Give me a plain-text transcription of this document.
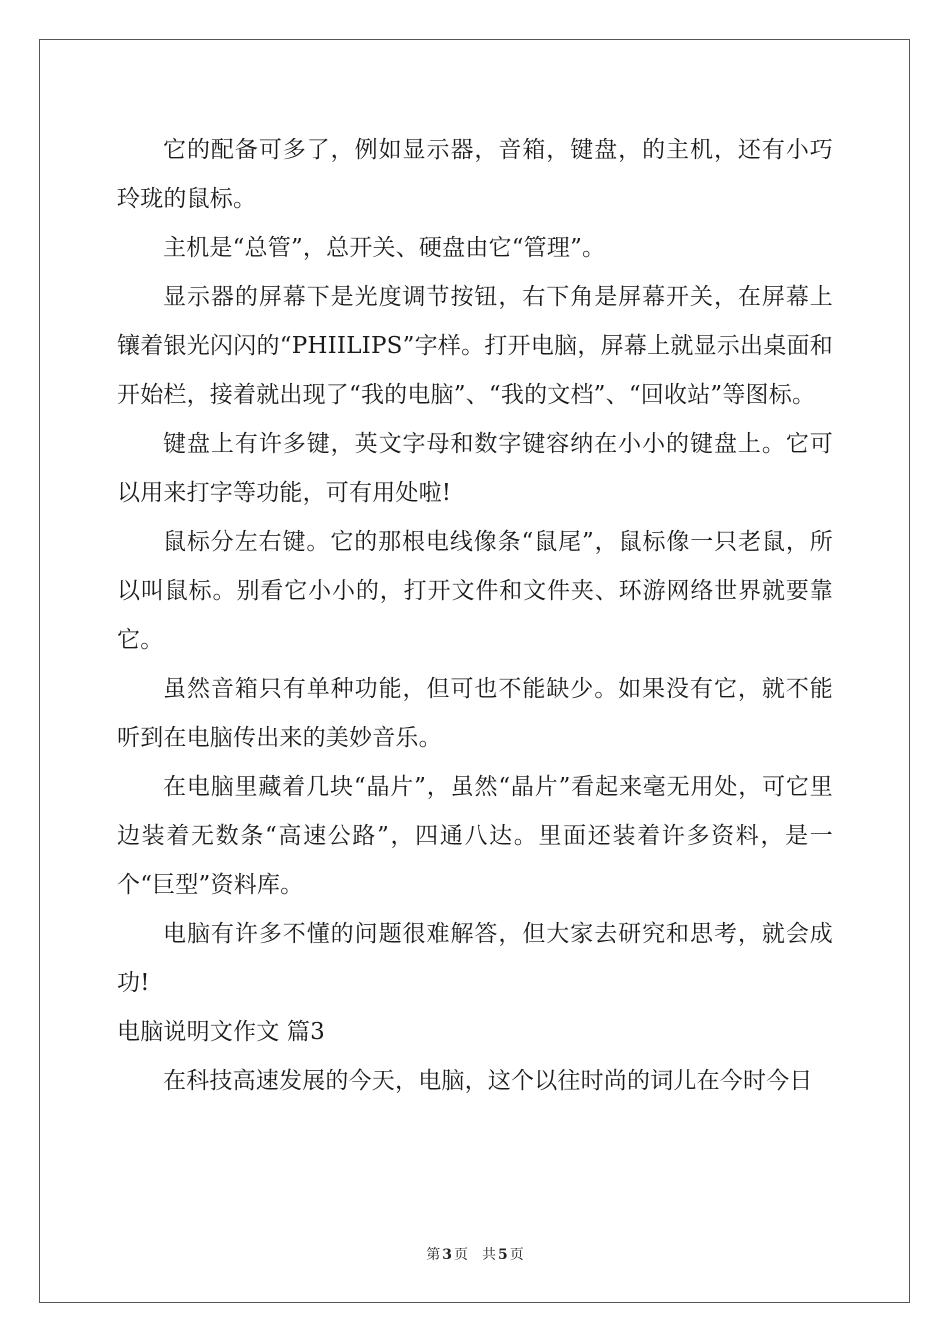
它的配备可多了，例如显示器，音箱，键盘，的主机，还有小巧玲珑的鼠标。

主机是“总管”，总开关、硬盘由它“管理”。

显示器的屏幕下是光度调节按钮，右下角是屏幕开关，在屏幕上镶着银光闪闪的“PHIILIPS”字样。打开电脑，屏幕上就显示出桌面和开始栏，接着就出现了“我的电脑”、“我的文档”、“回收站”等图标。

键盘上有许多键，英文字母和数字键容纳在小小的键盘上。它可以用来打字等功能，可有用处啦!

鼠标分左右键。它的那根电线像条“鼠尾”，鼠标像一只老鼠，所以叫鼠标。别看它小小的，打开文件和文件夹、环游网络世界就要靠它。

虽然音箱只有单种功能，但可也不能缺少。如果没有它，就不能听到在电脑传出来的美妙音乐。

在电脑里藏着几块“晶片”，虽然“晶片”看起来毫无用处，可它里边装着无数条“高速公路”，四通八达。里面还装着许多资料，是一个“巨型”资料库。

电脑有许多不懂的问题很难解答，但大家去研究和思考，就会成功!

电脑说明文作文 篇3

在科技高速发展的今天，电脑，这个以往时尚的词儿在今时今日

第 3 页 共 5 页
